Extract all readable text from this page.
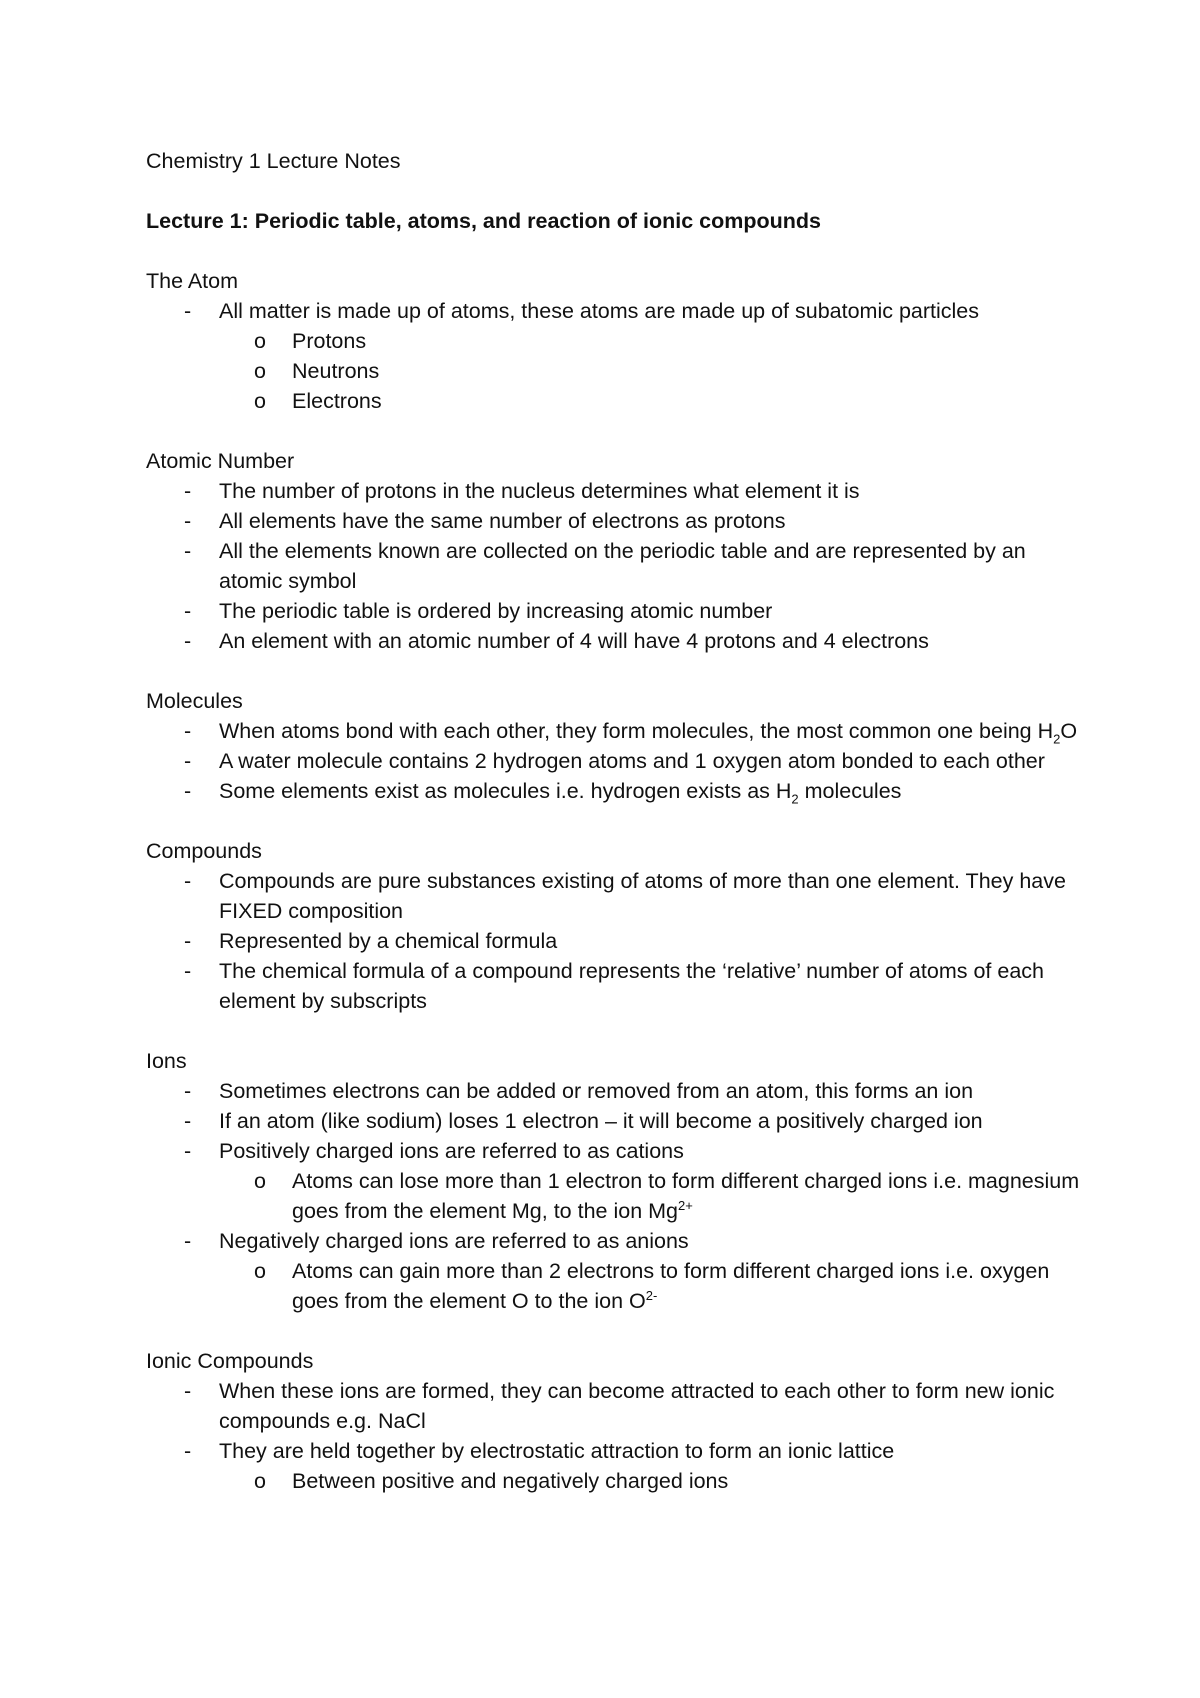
Chemistry 1 Lecture Notes

Lecture 1: Periodic table, atoms, and reaction of ionic compounds

The Atom

- All matter is made up of atoms, these atoms are made up of subatomic particles
o Protons
o Neutrons
o Electrons

Atomic Number

- The number of protons in the nucleus determines what element it is
- All elements have the same number of electrons as protons
- All the elements known are collected on the periodic table and are represented by an atomic symbol
- The periodic table is ordered by increasing atomic number
- An element with an atomic number of 4 will have 4 protons and 4 electrons

Molecules

- When atoms bond with each other, they form molecules, the most common one being $H_2O$
- A water molecule contains 2 hydrogen atoms and 1 oxygen atom bonded to each other
- Some elements exist as molecules i.e. hydrogen exists as $H_2$ molecules

Compounds

- Compounds are pure substances existing of atoms of more than one element. They have FIXED composition
- Represented by a chemical formula
- The chemical formula of a compound represents the ‘relative’ number of atoms of each element by subscripts

Ions

- Sometimes electrons can be added or removed from an atom, this forms an ion
- If an atom (like sodium) loses 1 electron – it will become a positively charged ion
- Positively charged ions are referred to as cations
o Atoms can lose more than 1 electron to form different charged ions i.e. magnesium goes from the element Mg, to the ion $Mg^{2+}$
- Negatively charged ions are referred to as anions
o Atoms can gain more than 2 electrons to form different charged ions i.e. oxygen goes from the element O to the ion $O^{2-}$

Ionic Compounds

- When these ions are formed, they can become attracted to each other to form new ionic compounds e.g. NaCl
- They are held together by electrostatic attraction to form an ionic lattice
o Between positive and negatively charged ions
